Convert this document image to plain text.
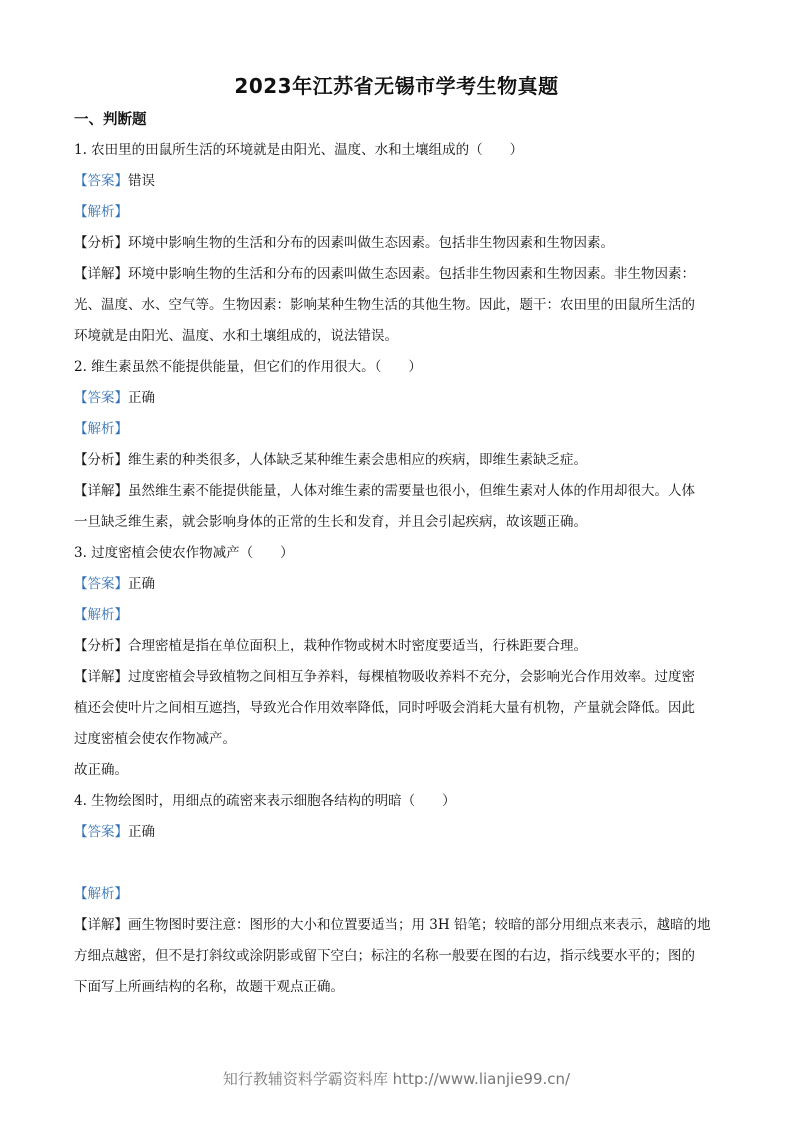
2023年江苏省无锡市学考生物真题
一、判断题
1. 农田里的田鼠所生活的环境就是由阳光、温度、水和土壤组成的（　　）
【答案】错误
【解析】
【分析】环境中影响生物的生活和分布的因素叫做生态因素。包括非生物因素和生物因素。
【详解】环境中影响生物的生活和分布的因素叫做生态因素。包括非生物因素和生物因素。非生物因素：
光、温度、水、空气等。生物因素：影响某种生物生活的其他生物。因此，题干：农田里的田鼠所生活的
环境就是由阳光、温度、水和土壤组成的，说法错误。
2. 维生素虽然不能提供能量，但它们的作用很大。（　　）
【答案】正确
【解析】
【分析】维生素的种类很多，人体缺乏某种维生素会患相应的疾病，即维生素缺乏症。
【详解】虽然维生素不能提供能量，人体对维生素的需要量也很小，但维生素对人体的作用却很大。人体
一旦缺乏维生素，就会影响身体的正常的生长和发育，并且会引起疾病，故该题正确。
3. 过度密植会使农作物减产（　　）
【答案】正确
【解析】
【分析】合理密植是指在单位面积上，栽种作物或树木时密度要适当，行株距要合理。
【详解】过度密植会导致植物之间相互争养料，每棵植物吸收养料不充分，会影响光合作用效率。过度密
植还会使叶片之间相互遮挡，导致光合作用效率降低，同时呼吸会消耗大量有机物，产量就会降低。因此
过度密植会使农作物减产。
故正确。
4. 生物绘图时，用细点的疏密来表示细胞各结构的明暗（　　）
【答案】正确
【解析】
【详解】画生物图时要注意：图形的大小和位置要适当；用 3H 铅笔；较暗的部分用细点来表示，越暗的地
方细点越密，但不是打斜纹或涂阴影或留下空白；标注的名称一般要在图的右边，指示线要水平的；图的
下面写上所画结构的名称，故题干观点正确。
知行教辅资料学霸资料库 http://www.lianjie99.cn/
